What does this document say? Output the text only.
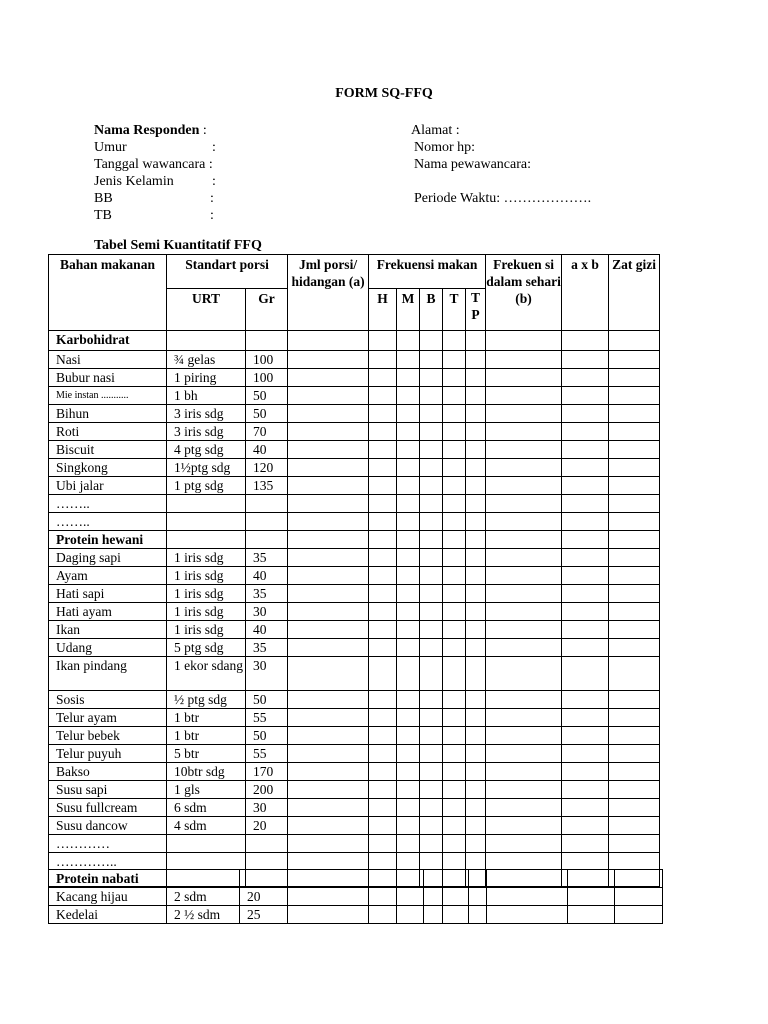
FORM SQ-FFQ
Nama Responden :
Umur	:
Tanggal wawancara :
Jenis Kelamin	:
BB	:
TB	:
Alamat :
Nomor hp:
Nama pewawancara:

Periode Waktu: ……………….
Tabel Semi Kuantitatif FFQ
Bahan makanan	Standart porsi		Jml porsi/ hidangan (a)	Frekuensi makan					Frekuen si dalam sehari (b)	a x b	Zat gizi
	URT	Gr		H	M	B	T	T P			
Karbohidrat											
Nasi	¾ gelas	100									
Bubur nasi	1 piring	100									
Mie instan ...........	1 bh	50									
Bihun	3 iris sdg	50									
Roti	3 iris sdg	70									
Biscuit	4 ptg sdg	40									
Singkong	1½ptg sdg	120									
Ubi jalar	1 ptg sdg	135									
……..											
……..											
Protein hewani											
Daging sapi	1 iris sdg	35									
Ayam	1 iris sdg	40									
Hati sapi	1 iris sdg	35									
Hati ayam	1 iris sdg	30									
Ikan	1 iris sdg	40									
Udang	5 ptg sdg	35									
Ikan pindang	1 ekor sdang	30									
Sosis	½ ptg sdg	50									
Telur ayam	1 btr	55									
Telur bebek	1 btr	50									
Telur puyuh	5 btr	55									
Bakso	10btr sdg	170									
Susu sapi	1 gls	200									
Susu fullcream	6 sdm	30									
Susu dancow	4 sdm	20									
…………											
…………..											
Protein nabati											
Kacang hijau	2 sdm	20									
Kedelai	2 ½ sdm	25									
